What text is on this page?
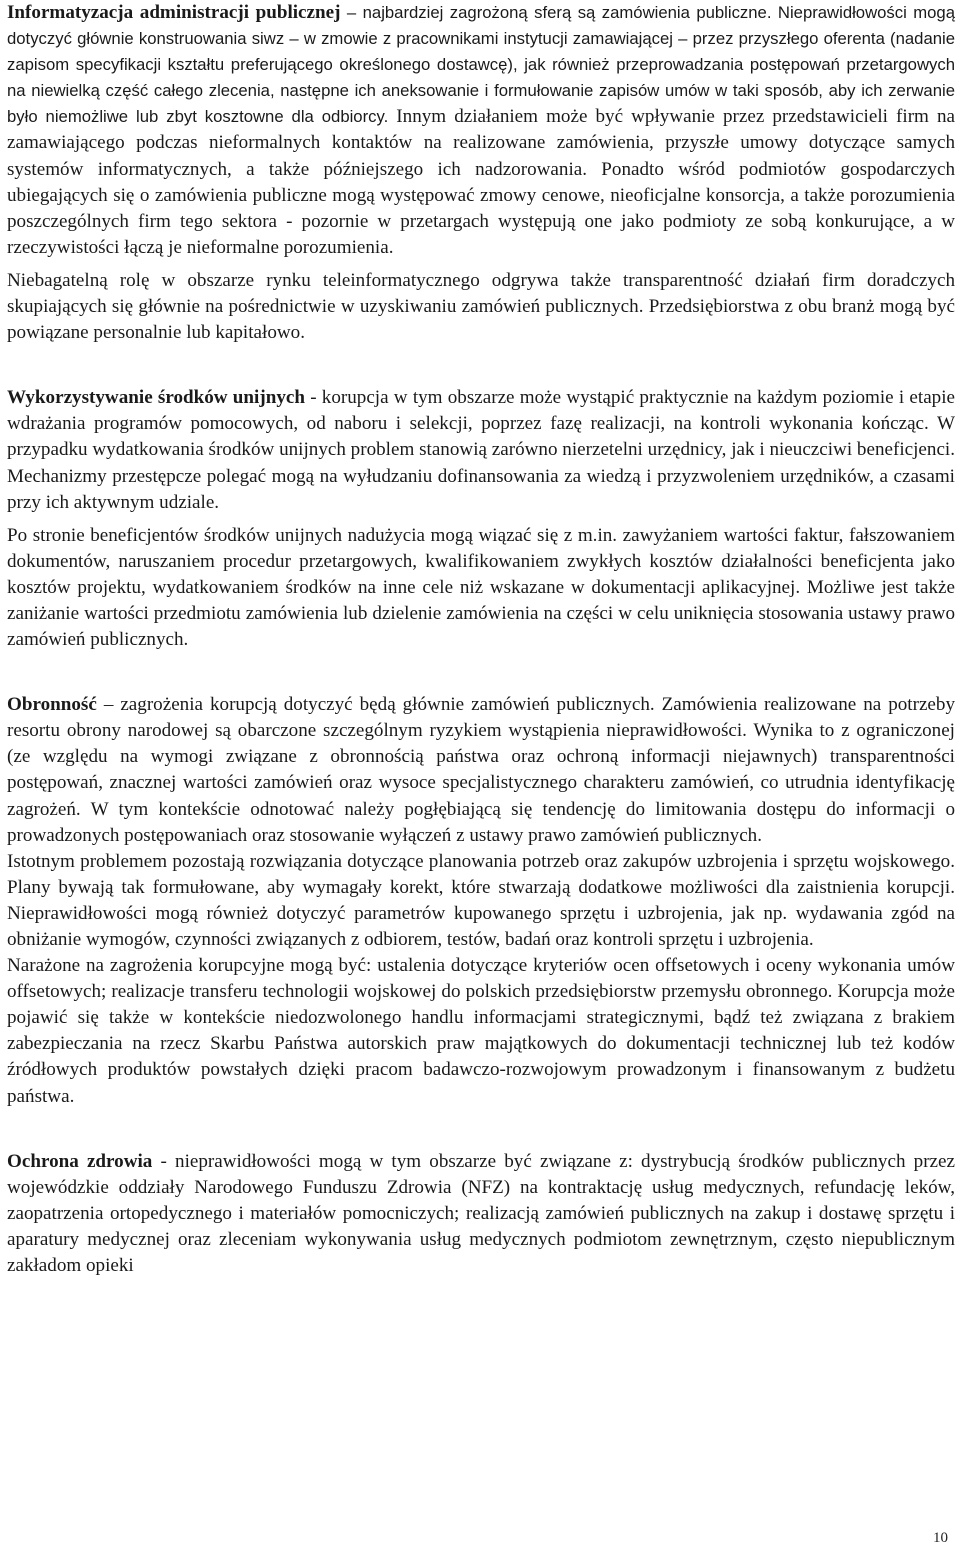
Informatyzacja administracji publicznej – najbardziej zagrożoną sferą są zamówienia publiczne. Nieprawidłowości mogą dotyczyć głównie konstruowania siwz – w zmowie z pracownikami instytucji zamawiającej – przez przyszłego oferenta (nadanie zapisom specyfikacji kształtu preferującego określonego dostawcę), jak również przeprowadzania postępowań przetargowych na niewielką część całego zlecenia, następne ich aneksowanie i formułowanie zapisów umów w taki sposób, aby ich zerwanie było niemożliwe lub zbyt kosztowne dla odbiorcy. Innym działaniem może być wpływanie przez przedstawicieli firm na zamawiającego podczas nieformalnych kontaktów na realizowane zamówienia, przyszłe umowy dotyczące samych systemów informatycznych, a także późniejszego ich nadzorowania. Ponadto wśród podmiotów gospodarczych ubiegających się o zamówienia publiczne mogą występować zmowy cenowe, nieoficjalne konsorcja, a także porozumienia poszczególnych firm tego sektora - pozornie w przetargach występują one jako podmioty ze sobą konkurujące, a w rzeczywistości łączą je nieformalne porozumienia.

Niebagatelną rolę w obszarze rynku teleinformatycznego odgrywa także transparentność działań firm doradczych skupiających się głównie na pośrednictwie w uzyskiwaniu zamówień publicznych. Przedsiębiorstwa z obu branż mogą być powiązane personalnie lub kapitałowo.

Wykorzystywanie środków unijnych - korupcja w tym obszarze może wystąpić praktycznie na każdym poziomie i etapie wdrażania programów pomocowych, od naboru i selekcji, poprzez fazę realizacji, na kontroli wykonania kończąc. W przypadku wydatkowania środków unijnych problem stanowią zarówno nierzetelni urzędnicy, jak i nieuczciwi beneficjenci. Mechanizmy przestępcze polegać mogą na wyłudzaniu dofinansowania za wiedzą i przyzwoleniem urzędników, a czasami przy ich aktywnym udziale.

Po stronie beneficjentów środków unijnych nadużycia mogą wiązać się z m.in. zawyżaniem wartości faktur, fałszowaniem dokumentów, naruszaniem procedur przetargowych, kwalifikowaniem zwykłych kosztów działalności beneficjenta jako kosztów projektu, wydatkowaniem środków na inne cele niż wskazane w dokumentacji aplikacyjnej. Możliwe jest także zaniżanie wartości przedmiotu zamówienia lub dzielenie zamówienia na części w celu uniknięcia stosowania ustawy prawo zamówień publicznych.

Obronność – zagrożenia korupcją dotyczyć będą głównie zamówień publicznych. Zamówienia realizowane na potrzeby resortu obrony narodowej są obarczone szczególnym ryzykiem wystąpienia nieprawidłowości. Wynika to z ograniczonej (ze względu na wymogi związane z obronnością państwa oraz ochroną informacji niejawnych) transparentności postępowań, znacznej wartości zamówień oraz wysoce specjalistycznego charakteru zamówień, co utrudnia identyfikację zagrożeń. W tym kontekście odnotować należy pogłębiającą się tendencję do limitowania dostępu do informacji o prowadzonych postępowaniach oraz stosowanie wyłączeń z ustawy prawo zamówień publicznych.

Istotnym problemem pozostają rozwiązania dotyczące planowania potrzeb oraz zakupów uzbrojenia i sprzętu wojskowego. Plany bywają tak formułowane, aby wymagały korekt, które stwarzają dodatkowe możliwości dla zaistnienia korupcji. Nieprawidłowości mogą również dotyczyć parametrów kupowanego sprzętu i uzbrojenia, jak np. wydawania zgód na obniżanie wymogów, czynności związanych z odbiorem, testów, badań oraz kontroli sprzętu i uzbrojenia.

Narażone na zagrożenia korupcyjne mogą być: ustalenia dotyczące kryteriów ocen offsetowych i oceny wykonania umów offsetowych; realizacje transferu technologii wojskowej do polskich przedsiębiorstw przemysłu obronnego. Korupcja może pojawić się także w kontekście niedozwolonego handlu informacjami strategicznymi, bądź też związana z brakiem zabezpieczania na rzecz Skarbu Państwa autorskich praw majątkowych do dokumentacji technicznej lub też kodów źródłowych produktów powstałych dzięki pracom badawczo-rozwojowym prowadzonym i finansowanym z budżetu państwa.

Ochrona zdrowia - nieprawidłowości mogą w tym obszarze być związane z: dystrybucją środków publicznych przez wojewódzkie oddziały Narodowego Funduszu Zdrowia (NFZ) na kontraktację usług medycznych, refundację leków, zaopatrzenia ortopedycznego i materiałów pomocniczych; realizacją zamówień publicznych na zakup i dostawę sprzętu i aparatury medycznej oraz zleceniam wykonywania usług medycznych podmiotom zewnętrznym, często niepublicznym zakładom opieki

10
